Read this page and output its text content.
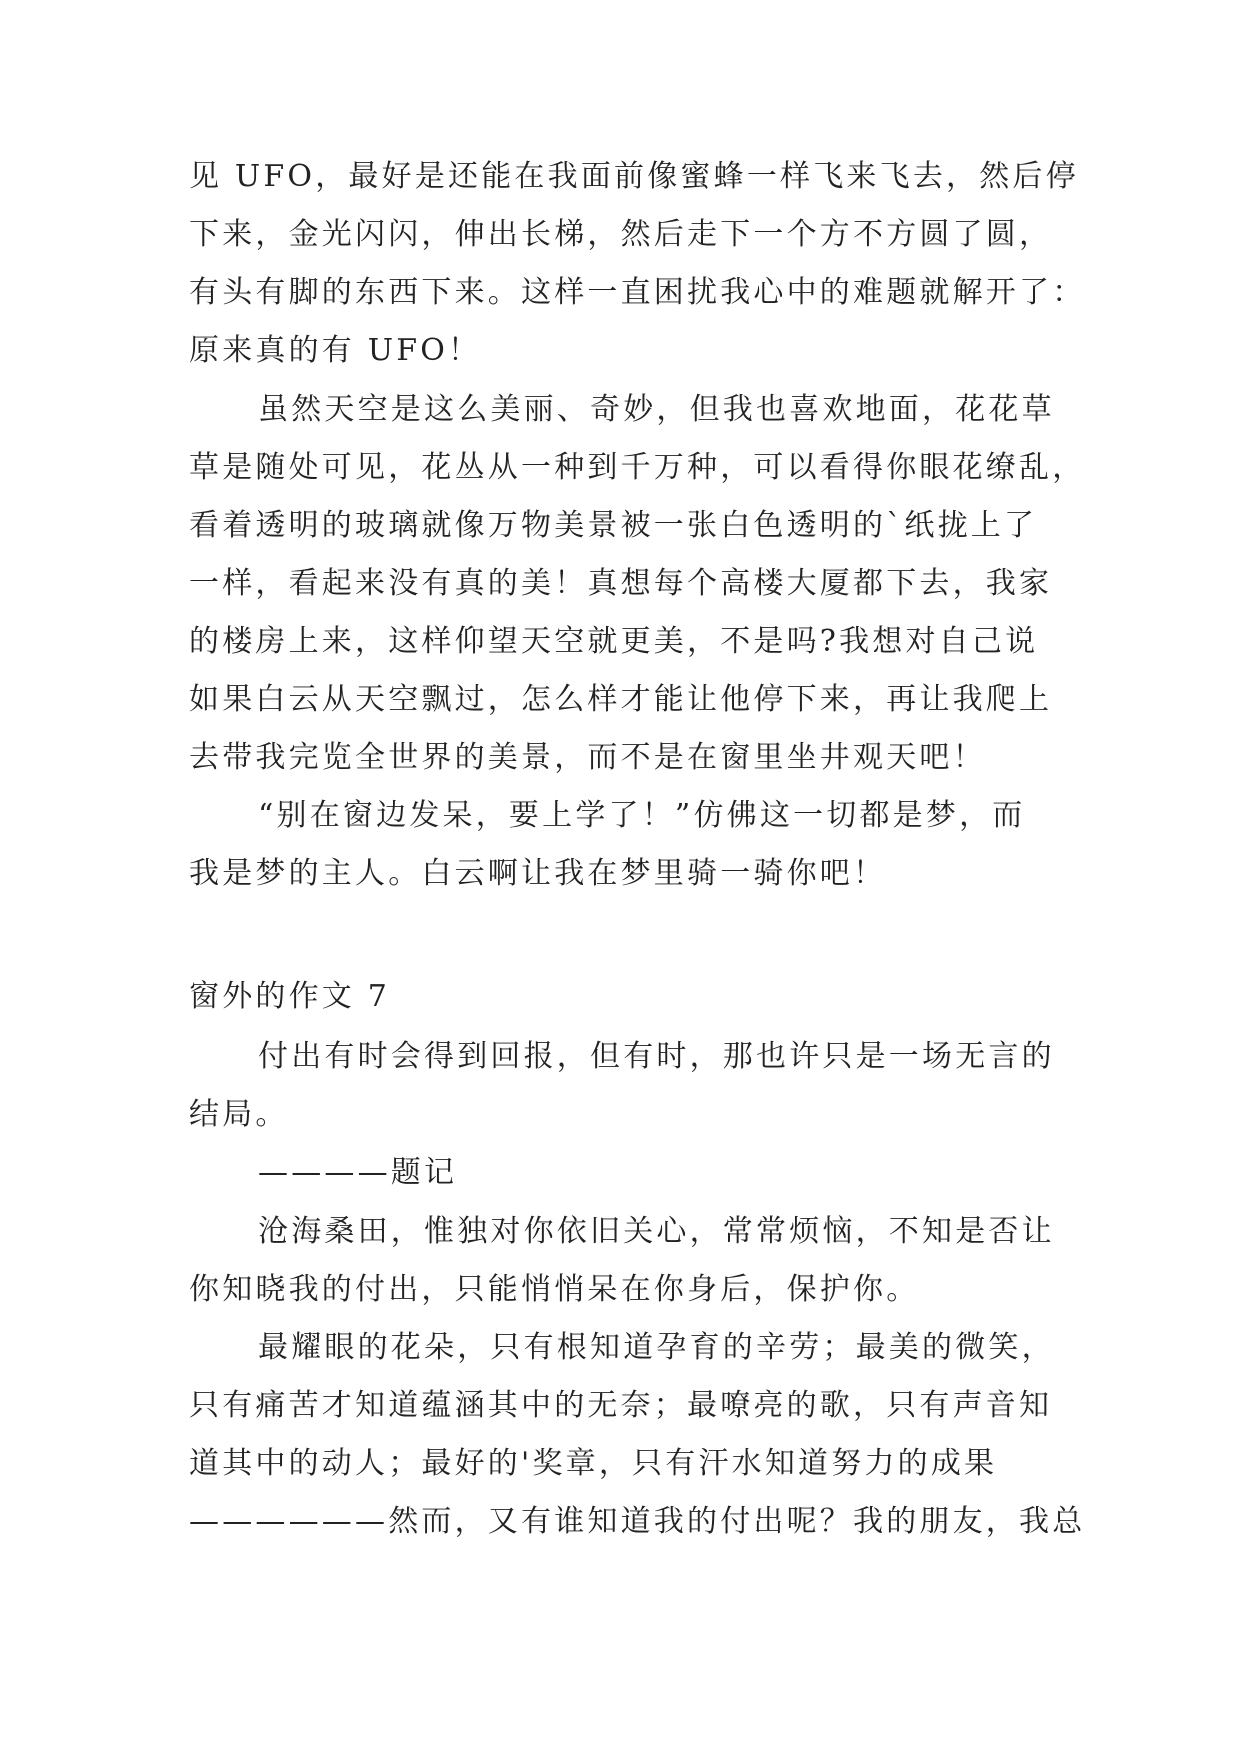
见 UFO，最好是还能在我面前像蜜蜂一样飞来飞去，然后停
下来，金光闪闪，伸出长梯，然后走下一个方不方圆了圆，
有头有脚的东西下来。这样一直困扰我心中的难题就解开了：
原来真的有 UFO！
虽然天空是这么美丽、奇妙，但我也喜欢地面，花花草
草是随处可见，花丛从一种到千万种，可以看得你眼花缭乱，
看着透明的玻璃就像万物美景被一张白色透明的`纸拢上了
一样，看起来没有真的美！真想每个高楼大厦都下去，我家
的楼房上来，这样仰望天空就更美，不是吗?我想对自己说
如果白云从天空飘过，怎么样才能让他停下来，再让我爬上
去带我完览全世界的美景，而不是在窗里坐井观天吧！
“别在窗边发呆，要上学了！”仿佛这一切都是梦，而
我是梦的主人。白云啊让我在梦里骑一骑你吧！
窗外的作文 7
付出有时会得到回报，但有时，那也许只是一场无言的
结局。
————题记
沧海桑田，惟独对你依旧关心，常常烦恼，不知是否让
你知晓我的付出，只能悄悄呆在你身后，保护你。
最耀眼的花朵，只有根知道孕育的辛劳；最美的微笑，
只有痛苦才知道蕴涵其中的无奈；最嘹亮的歌，只有声音知
道其中的动人；最好的'奖章，只有汗水知道努力的成果
——————然而，又有谁知道我的付出呢？我的朋友，我总
